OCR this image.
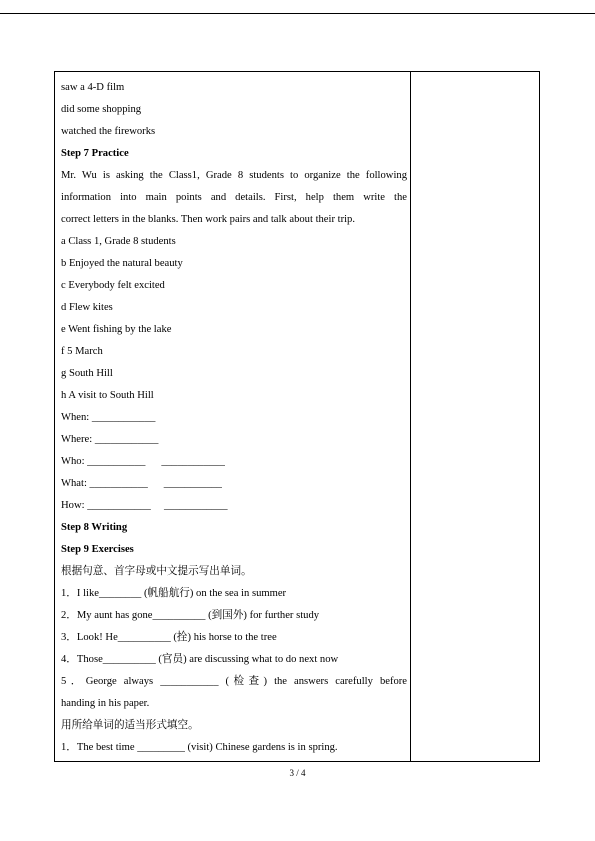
saw a 4-D film
did some shopping
watched the fireworks
Step 7 Practice
Mr. Wu is asking the Class1, Grade 8 students to organize the following
information into main points and details. First, help them write the
correct letters in the blanks. Then work pairs and talk about their trip.
a Class 1, Grade 8 students
b Enjoyed the natural beauty
c Everybody felt excited
d Flew kites
e Went fishing by the lake
f 5 March
g South Hill
h A visit to South Hill
When: ____________
Where: ____________
Who: ___________      ____________
What: ___________      ___________
How: ____________     ____________
Step 8 Writing
Step 9 Exercises
根据句意、首字母或中文提示写出单词。
1．I like________ (帆船航行) on the sea in summer
2．My aunt has gone__________ (到国外) for further study
3．Look! He__________ (拴) his horse to the tree
4．Those__________ (官员) are discussing what to do next now
5．George always ___________ (检查) the answers carefully before
handing in his paper.
用所给单词的适当形式填空。
1．The best time _________ (visit) Chinese gardens is in spring.
3 / 4
